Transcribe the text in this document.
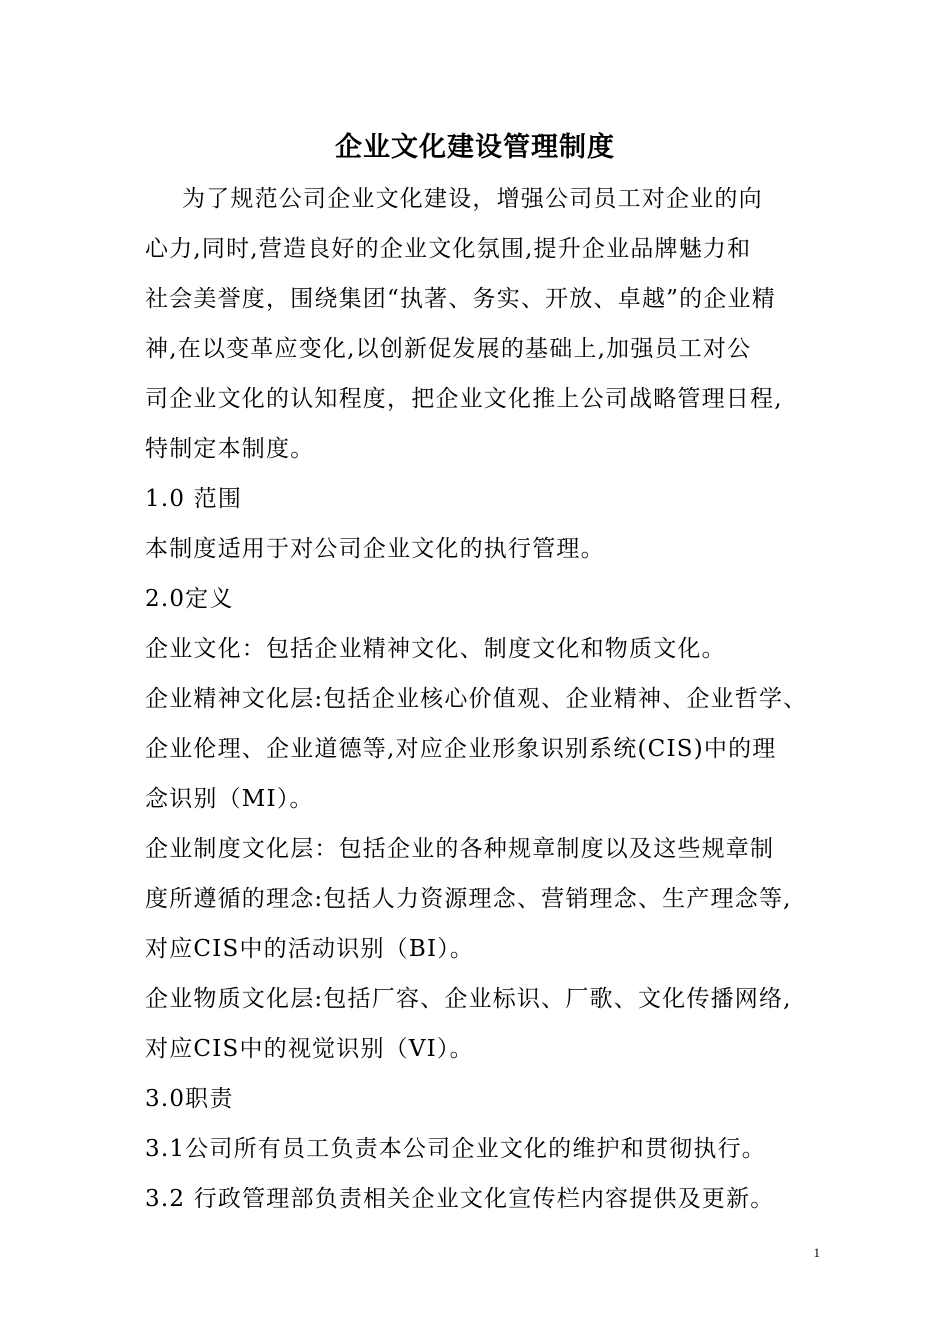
企业文化建设管理制度
为了规范公司企业文化建设，增强公司员工对企业的向
心力,同时,营造良好的企业文化氛围,提升企业品牌魅力和
社会美誉度，围绕集团“执著、务实、开放、卓越”的企业精
神,在以变革应变化,以创新促发展的基础上,加强员工对公
司企业文化的认知程度，把企业文化推上公司战略管理日程,
特制定本制度。
1.0 范围
本制度适用于对公司企业文化的执行管理。
2.0定义
企业文化：包括企业精神文化、制度文化和物质文化。
企业精神文化层:包括企业核心价值观、企业精神、企业哲学、
企业伦理、企业道德等,对应企业形象识别系统(CIS)中的理
念识别（MI）。
企业制度文化层：包括企业的各种规章制度以及这些规章制
度所遵循的理念:包括人力资源理念、营销理念、生产理念等,
对应CIS中的活动识别（BI）。
企业物质文化层:包括厂容、企业标识、厂歌、文化传播网络,
对应CIS中的视觉识别（VI）。
3.0职责
3.1公司所有员工负责本公司企业文化的维护和贯彻执行。
3.2 行政管理部负责相关企业文化宣传栏内容提供及更新。
1
